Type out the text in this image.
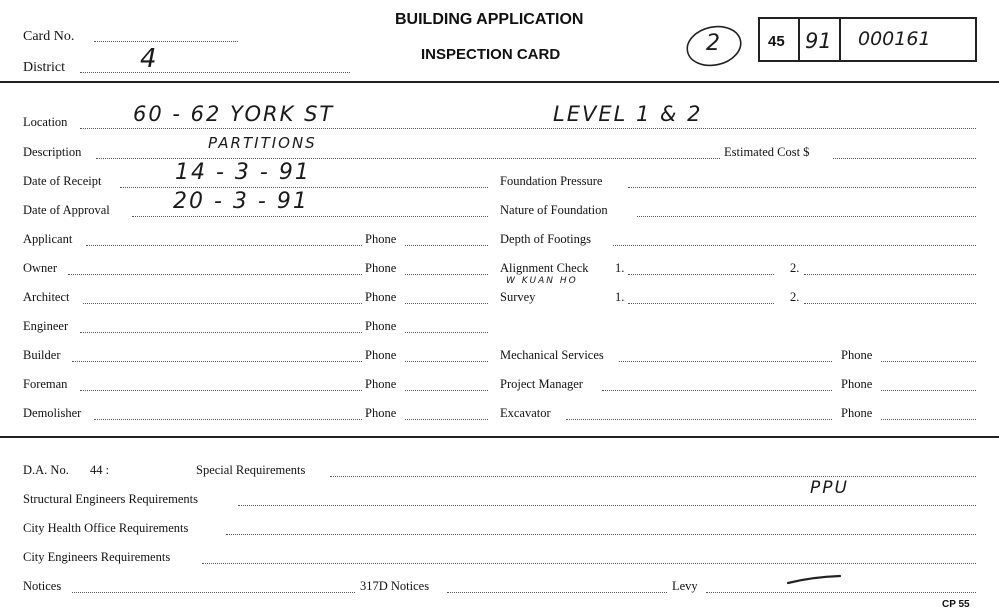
Card No.
District	4
BUILDING APPLICATION
INSPECTION CARD	2	45 91 000161
Location	60 - 62 YORK ST	LEVEL 1 & 2
Description	PARTITIONS	Estimated Cost $
Date of Receipt	14 - 3 - 91	Foundation Pressure
Date of Approval	20 - 3 - 91	Nature of Foundation
Applicant	Phone	Depth of Footings
Owner	Phone	Alignment Check 1.	2.
W KUAN HO
Architect	Phone	Survey	1.	2.
Engineer	Phone
Builder	Phone	Mechanical Services	Phone
Foreman	Phone	Project Manager	Phone
Demolisher	Phone	Excavator	Phone
D.A. No. 44 :	Special Requirements
Structural Engineers Requirements
PPU
City Health Office Requirements
City Engineers Requirements
Notices	317D Notices	Levy
CP 55
